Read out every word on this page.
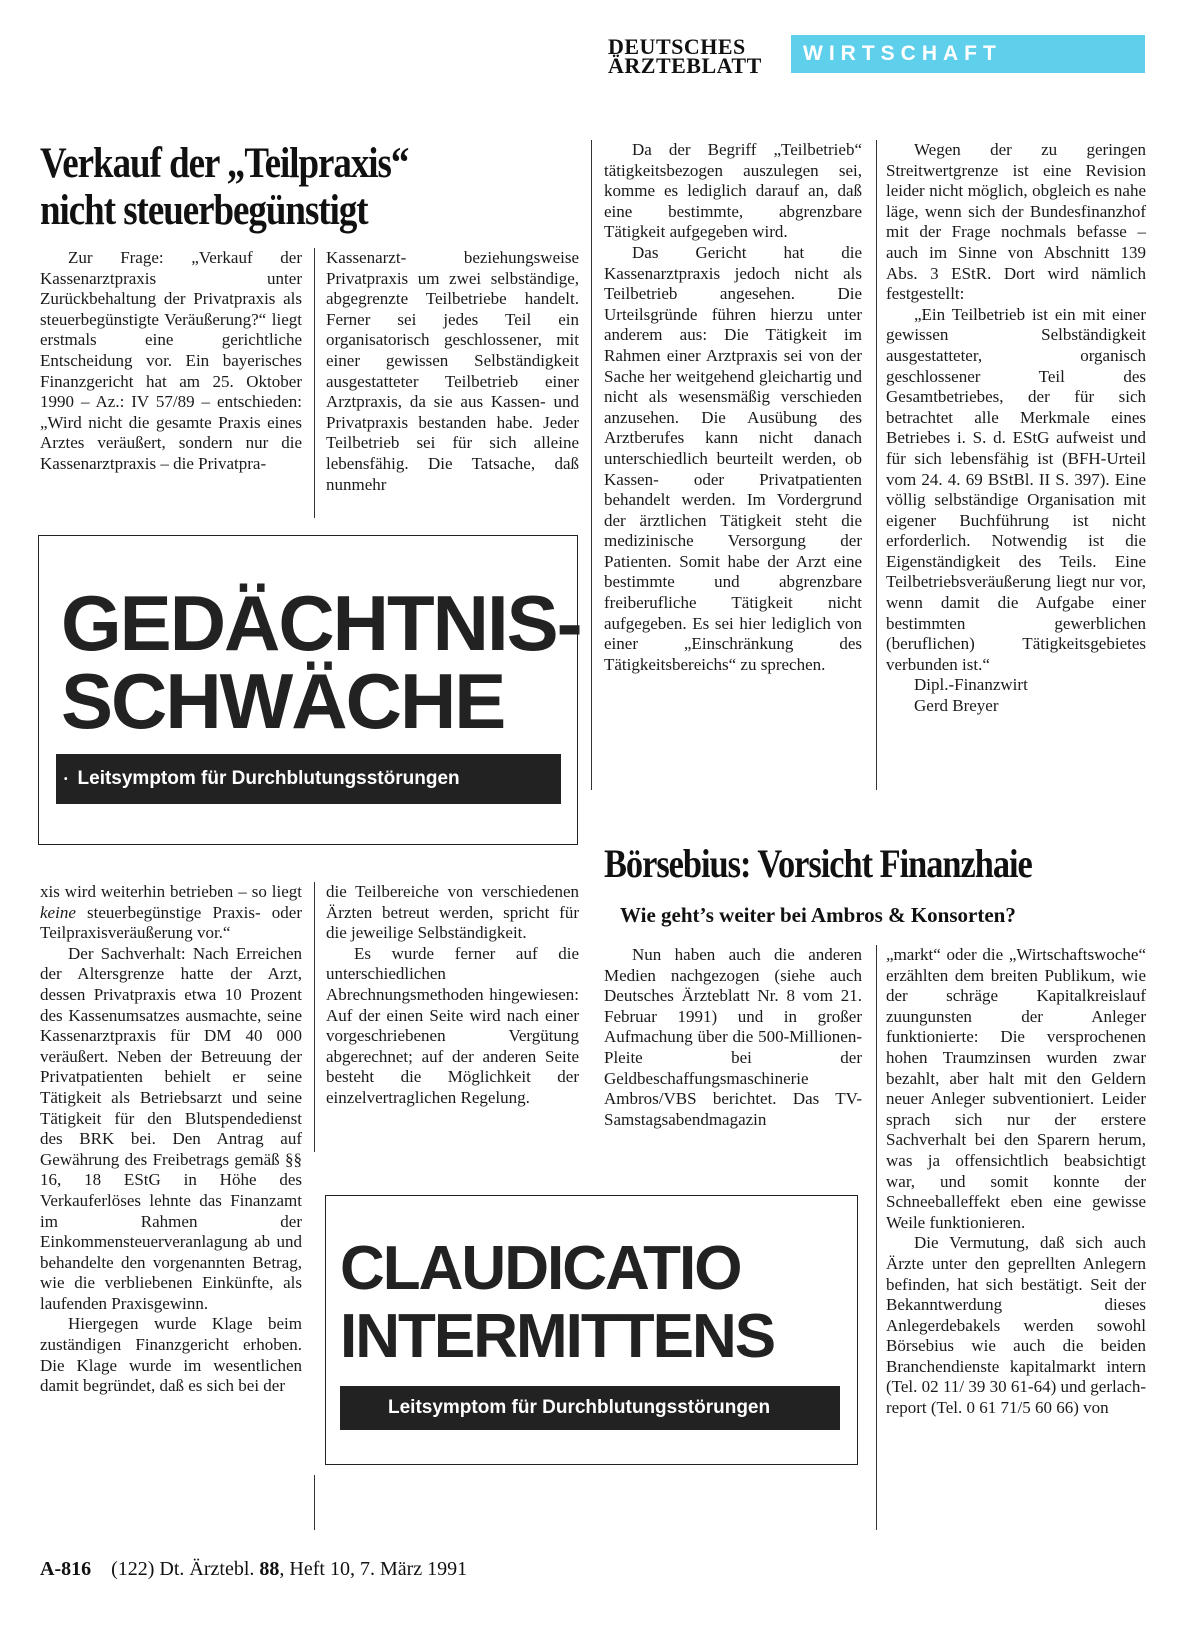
DEUTSCHES
ÄRZTEBLATT	WIRTSCHAFT
Verkauf der „Teilpraxis“
nicht steuerbegünstigt

Zur Frage: „Verkauf der Kassenarztpraxis unter Zurückbehaltung der Privatpraxis als steuerbegünstigte Veräußerung?“ liegt erstmals eine gerichtliche Entscheidung vor. Ein bayerisches Finanzgericht hat am 25. Oktober 1990 – Az.: IV 57/89 – entschieden: „Wird nicht die gesamte Praxis eines Arztes veräußert, sondern nur die Kassenarztpraxis – die Privatpra-

Kassenarzt- beziehungsweise Privatpraxis um zwei selbständige, abgegrenzte Teilbetriebe handelt. Ferner sei jedes Teil ein organisatorisch geschlossener, mit einer gewissen Selbständigkeit ausgestatteter Teilbetrieb einer Arztpraxis, da sie aus Kassen- und Privatpraxis bestanden habe. Jeder Teilbetrieb sei für sich alleine lebensfähig. Die Tatsache, daß nunmehr

GEDÄCHTNIS-
SCHWÄCHE
• Leitsymptom für Durchblutungsstörungen

xis wird weiterhin betrieben – so liegt keine steuerbegünstige Praxis- oder Teilpraxisveräußerung vor.“

Der Sachverhalt: Nach Erreichen der Altersgrenze hatte der Arzt, dessen Privatpraxis etwa 10 Prozent des Kassenumsatzes ausmachte, seine Kassenarztpraxis für DM 40 000 veräußert. Neben der Betreuung der Privatpatienten behielt er seine Tätigkeit als Betriebsarzt und seine Tätigkeit für den Blutspendedienst des BRK bei. Den Antrag auf Gewährung des Freibetrags gemäß §§ 16, 18 EStG in Höhe des Verkauferlöses lehnte das Finanzamt im Rahmen der Einkommensteuerveranlagung ab und behandelte den vorgenannten Betrag, wie die verbliebenen Einkünfte, als laufenden Praxisgewinn.

Hiergegen wurde Klage beim zuständigen Finanzgericht erhoben. Die Klage wurde im wesentlichen damit begründet, daß es sich bei der

die Teilbereiche von verschiedenen Ärzten betreut werden, spricht für die jeweilige Selbständigkeit.

Es wurde ferner auf die unterschiedlichen Abrechnungsmethoden hingewiesen: Auf der einen Seite wird nach einer vorgeschriebenen Vergütung abgerechnet; auf der anderen Seite besteht die Möglichkeit der einzelvertraglichen Regelung.

Da der Begriff „Teilbetrieb“ tätigkeitsbezogen auszulegen sei, komme es lediglich darauf an, daß eine bestimmte, abgrenzbare Tätigkeit aufgegeben wird.

Das Gericht hat die Kassenarztpraxis jedoch nicht als Teilbetrieb angesehen. Die Urteilsgründe führen hierzu unter anderem aus: Die Tätigkeit im Rahmen einer Arztpraxis sei von der Sache her weitgehend gleichartig und nicht als wesensmäßig verschieden anzusehen. Die Ausübung des Arztberufes kann nicht danach unterschiedlich beurteilt werden, ob Kassen- oder Privatpatienten behandelt werden. Im Vordergrund der ärztlichen Tätigkeit steht die medizinische Versorgung der Patienten. Somit habe der Arzt eine bestimmte und abgrenzbare freiberufliche Tätigkeit nicht aufgegeben. Es sei hier lediglich von einer „Einschränkung des Tätigkeitsbereichs“ zu sprechen.

Wegen der zu geringen Streitwertgrenze ist eine Revision leider nicht möglich, obgleich es nahe läge, wenn sich der Bundesfinanzhof mit der Frage nochmals befasse – auch im Sinne von Abschnitt 139 Abs. 3 EStR. Dort wird nämlich festgestellt:

„Ein Teilbetrieb ist ein mit einer gewissen Selbständigkeit ausgestatteter, organisch geschlossener Teil des Gesamtbetriebes, der für sich betrachtet alle Merkmale eines Betriebes i. S. d. EStG aufweist und für sich lebensfähig ist (BFH-Urteil vom 24. 4. 69 BStBl. II S. 397). Eine völlig selbständige Organisation mit eigener Buchführung ist nicht erforderlich. Notwendig ist die Eigenständigkeit des Teils. Eine Teilbetriebsveräußerung liegt nur vor, wenn damit die Aufgabe einer bestimmten gewerblichen (beruflichen) Tätigkeitsgebietes verbunden ist.“

Dipl.-Finanzwirt

Gerd Breyer

Börsebius: Vorsicht Finanzhaie
Wie geht’s weiter bei Ambros & Konsorten?

Nun haben auch die anderen Medien nachgezogen (siehe auch Deutsches Ärzteblatt Nr. 8 vom 21. Februar 1991) und in großer Aufmachung über die 500-Millionen-Pleite bei der Geldbeschaffungsmaschinerie Ambros/VBS berichtet. Das TV-Samstagsabendmagazin

„markt“ oder die „Wirtschaftswoche“ erzählten dem breiten Publikum, wie der schräge Kapitalkreislauf zuungunsten der Anleger funktionierte: Die versprochenen hohen Traumzinsen wurden zwar bezahlt, aber halt mit den Geldern neuer Anleger subventioniert. Leider sprach sich nur der erstere Sachverhalt bei den Sparern herum, was ja offensichtlich beabsichtigt war, und somit konnte der Schneeballeffekt eben eine gewisse Weile funktionieren.

Die Vermutung, daß sich auch Ärzte unter den geprellten Anlegern befinden, hat sich bestätigt. Seit der Bekanntwerdung dieses Anlegerdebakels werden sowohl Börsebius wie auch die beiden Branchendienste kapitalmarkt intern (Tel. 02 11/ 39 30 61-64) und gerlach-report (Tel. 0 61 71/5 60 66) von

CLAUDICATIO
INTERMITTENS
Leitsymptom für Durchblutungsstörungen
A-816 (122) Dt. Ärztebl. 88, Heft 10, 7. März 1991
